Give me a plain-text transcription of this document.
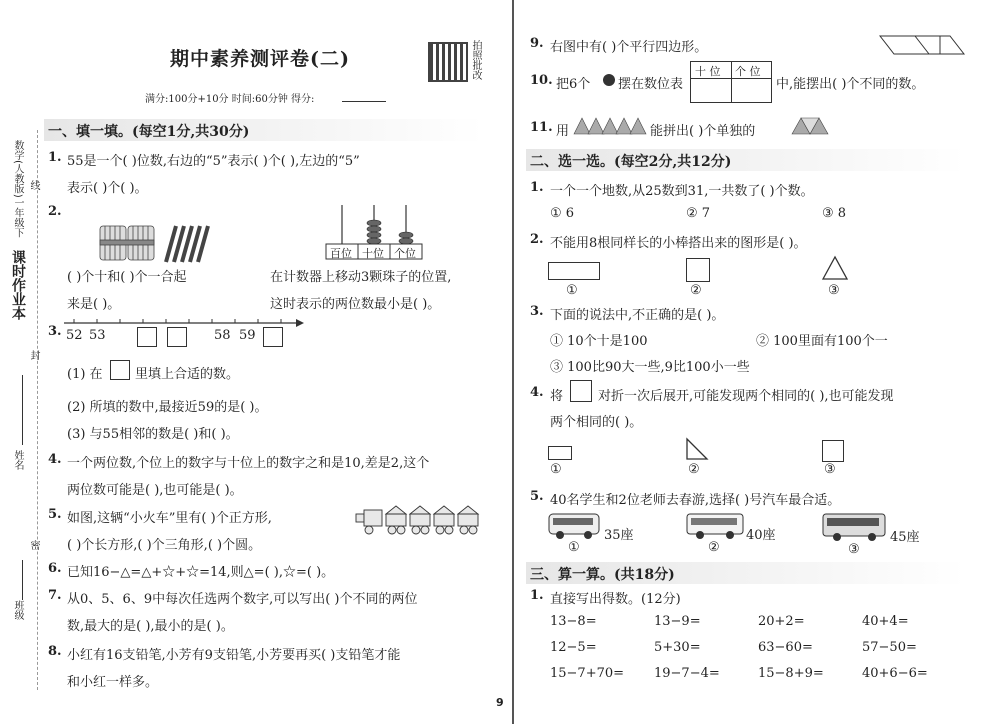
课时作业本
数学(人教版)一年级下 线
封
姓名
密
班级
期中素养测评卷(二)	拍照批改
满分:100分+10分 时间:60分钟 得分:
一、填一填。(每空1分,共30分)
1. 55是一个( )位数,右边的“5”表示( )个( ),左边的“5”
表示( )个( )。
2.
百位 十位 个位
( )个十和( )个一合起
来是( )。
在计数器上移动3颗珠子的位置,
这时表示的两位数最小是( )。
3. 52 53	58 59
(1) 在 里填上合适的数。
(2) 所填的数中,最接近59的是( )。
(3) 与55相邻的数是( )和( )。
4. 一个两位数,个位上的数字与十位上的数字之和是10,差是2,这个
两位数可能是( ),也可能是( )。
5. 如图,这辆“小火车”里有( )个正方形,
( )个长方形,( )个三角形,( )个圆。
6. 已知16−△=△+☆+☆=14,则△=( ),☆=( )。
7. 从0、5、6、9中每次任选两个数字,可以写出( )个不同的两位
数,最大的是( ),最小的是( )。
8. 小红有16支铅笔,小芳有9支铅笔,小芳要再买( )支铅笔才能
和小红一样多。
9. 右图中有( )个平行四边形。
10. 把6个 摆在数位表
十 位 个 位
中,能摆出( )个不同的数。
11. 用	能拼出( )个单独的
二、选一选。(每空2分,共12分)
1. 一个一个地数,从25数到31,一共数了( )个数。
① 6	② 7	③ 8
2. 不能用8根同样长的小棒搭出来的图形是( )。
①	②	③
3. 下面的说法中,不正确的是( )。
① 10个十是100	② 100里面有100个一
③ 100比90大一些,9比100小一些
4. 将	对折一次后展开,可能发现两个相同的( ),也可能发现
两个相同的( )。
①	②	③
5. 40名学生和2位老师去春游,选择( )号汽车最合适。
35座
①
40座
②
45座
③
三、算一算。(共18分)
1. 直接写出得数。(12分)
13−8=	13−9=	20+2=	40+4=
12−5=	5+30=	63−60=	57−50=
15−7+70= 19−7−4=	15−8+9=	40+6−6=
9
